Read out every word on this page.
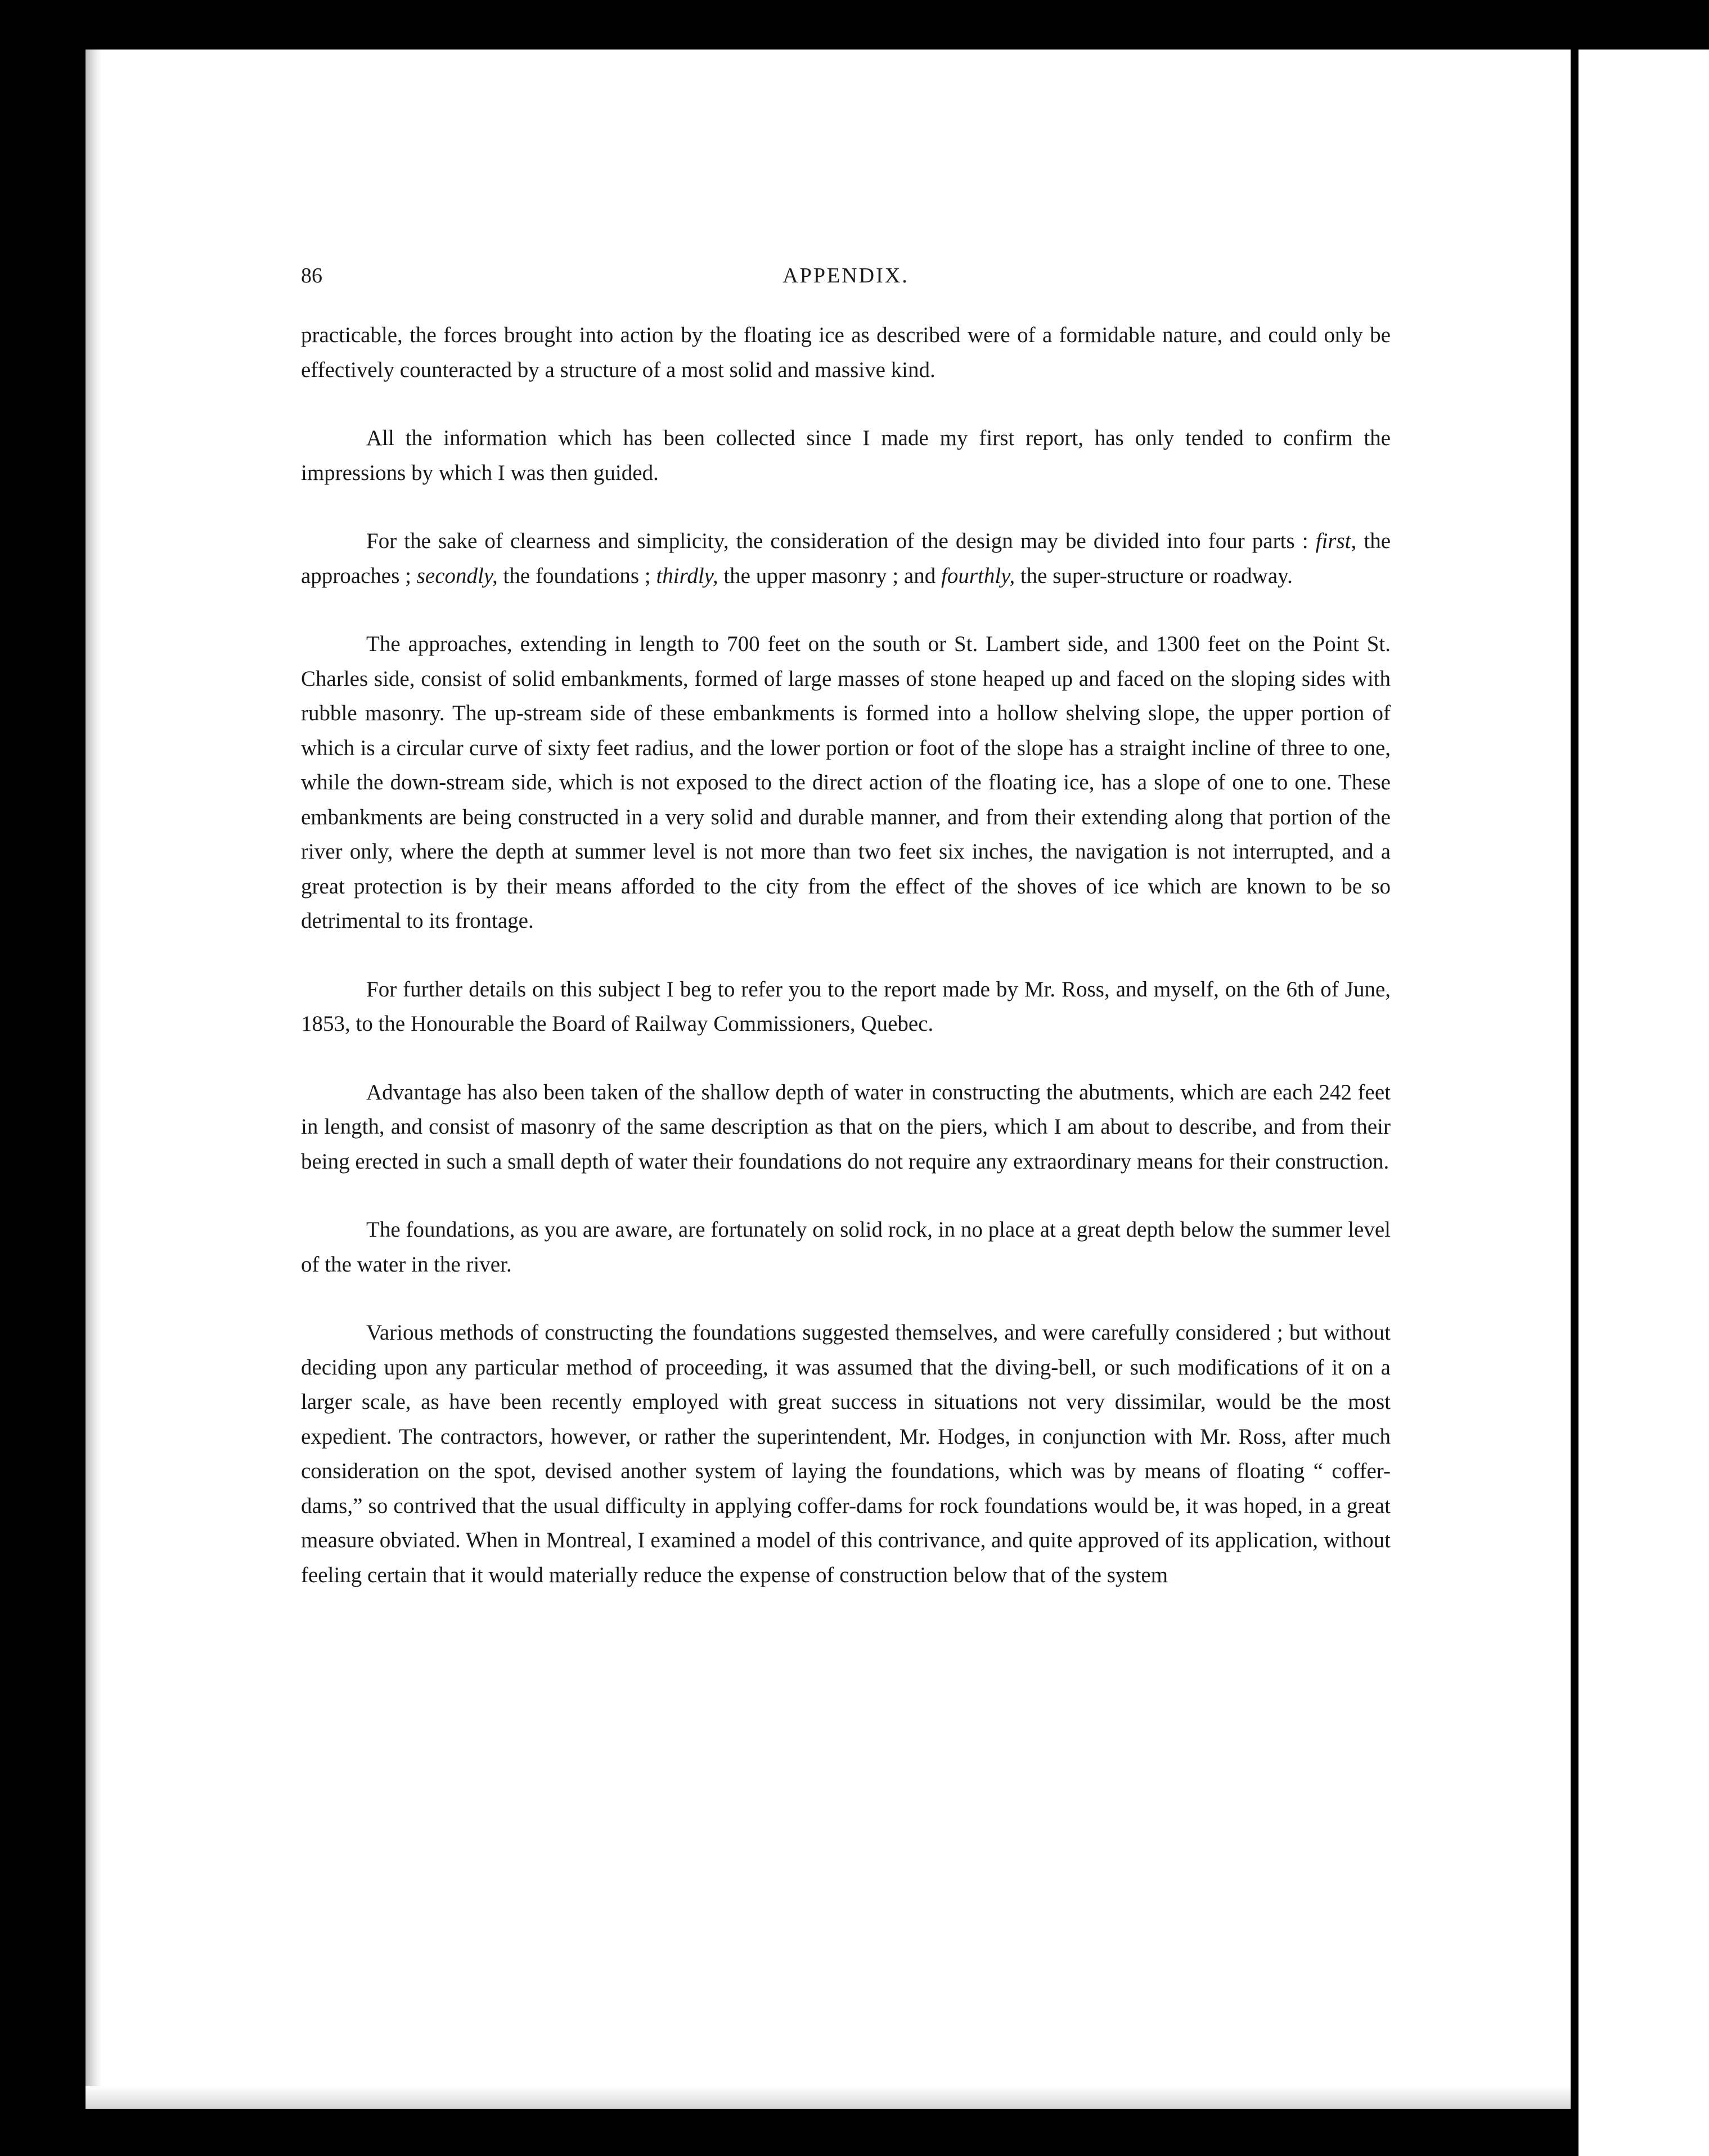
86	APPENDIX.

practicable, the forces brought into action by the floating ice as described were of a formidable nature, and could only be effectively counteracted by a structure of a most solid and massive kind.

All the information which has been collected since I made my first report, has only tended to confirm the impressions by which I was then guided.

For the sake of clearness and simplicity, the consideration of the design may be divided into four parts : first, the approaches ; secondly, the foundations ; thirdly, the upper masonry ; and fourthly, the super-structure or roadway.

The approaches, extending in length to 700 feet on the south or St. Lambert side, and 1300 feet on the Point St. Charles side, consist of solid embankments, formed of large masses of stone heaped up and faced on the sloping sides with rubble masonry. The up-stream side of these embankments is formed into a hollow shelving slope, the upper portion of which is a circular curve of sixty feet radius, and the lower portion or foot of the slope has a straight incline of three to one, while the down-stream side, which is not exposed to the direct action of the floating ice, has a slope of one to one. These embankments are being constructed in a very solid and durable manner, and from their extending along that portion of the river only, where the depth at summer level is not more than two feet six inches, the navigation is not interrupted, and a great protection is by their means afforded to the city from the effect of the shoves of ice which are known to be so detrimental to its frontage.

For further details on this subject I beg to refer you to the report made by Mr. Ross, and myself, on the 6th of June, 1853, to the Honourable the Board of Railway Commissioners, Quebec.

Advantage has also been taken of the shallow depth of water in constructing the abutments, which are each 242 feet in length, and consist of masonry of the same description as that on the piers, which I am about to describe, and from their being erected in such a small depth of water their foundations do not require any extraordinary means for their construction.

The foundations, as you are aware, are fortunately on solid rock, in no place at a great depth below the summer level of the water in the river.

Various methods of constructing the foundations suggested themselves, and were carefully considered ; but without deciding upon any particular method of proceeding, it was assumed that the diving-bell, or such modifications of it on a larger scale, as have been recently employed with great success in situations not very dissimilar, would be the most expedient. The contractors, however, or rather the superintendent, Mr. Hodges, in conjunction with Mr. Ross, after much consideration on the spot, devised another system of laying the foundations, which was by means of floating “ coffer-dams,” so contrived that the usual difficulty in applying coffer-dams for rock foundations would be, it was hoped, in a great measure obviated. When in Montreal, I examined a model of this contrivance, and quite approved of its application, without feeling certain that it would materially reduce the expense of construction below that of the system
